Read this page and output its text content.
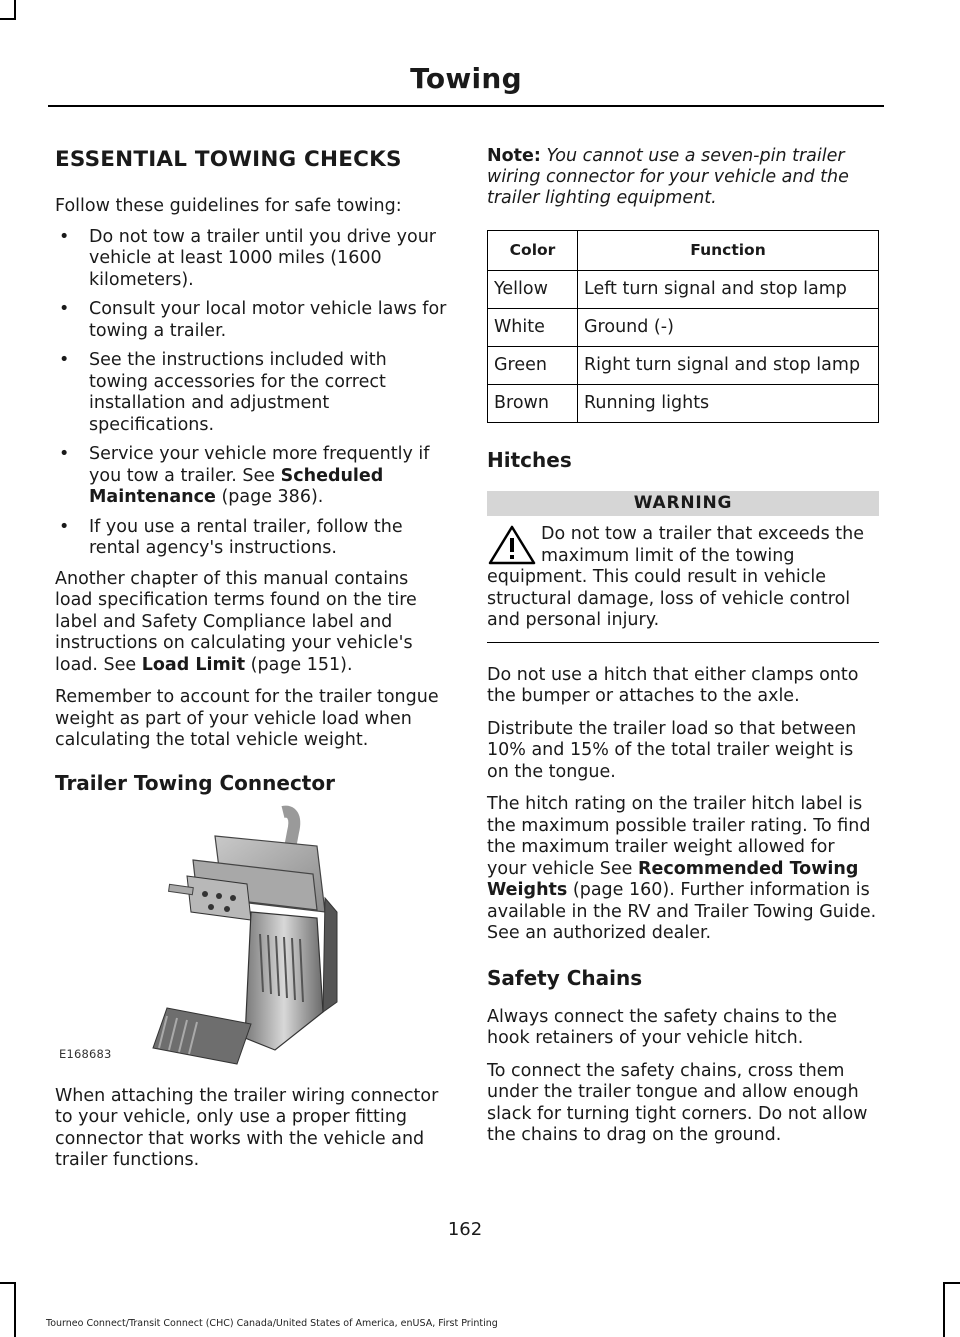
Towing
ESSENTIAL TOWING CHECKS

Follow these guidelines for safe towing:

• Do not tow a trailer until you drive your vehicle at least 1000 miles (1600 kilometers).
• Consult your local motor vehicle laws for towing a trailer.
• See the instructions included with towing accessories for the correct installation and adjustment specifications.
• Service your vehicle more frequently if you tow a trailer. See Scheduled Maintenance (page 386).
• If you use a rental trailer, follow the rental agency's instructions.

Another chapter of this manual contains load specification terms found on the tire label and Safety Compliance label and instructions on calculating your vehicle's load. See Load Limit (page 151).

Remember to account for the trailer tongue weight as part of your vehicle load when calculating the total vehicle weight.

Trailer Towing Connector
E168683

When attaching the trailer wiring connector to your vehicle, only use a proper fitting connector that works with the vehicle and trailer functions.

Note: You cannot use a seven-pin trailer wiring connector for your vehicle and the trailer lighting equipment.

Color	Function
Yellow	Left turn signal and stop lamp
White	Ground (-)
Green	Right turn signal and stop lamp
Brown	Running lights
Hitches
WARNING
Do not tow a trailer that exceeds the maximum limit of the towing equipment. This could result in vehicle structural damage, loss of vehicle control and personal injury.

Do not use a hitch that either clamps onto the bumper or attaches to the axle.

Distribute the trailer load so that between 10% and 15% of the total trailer weight is on the tongue.

The hitch rating on the trailer hitch label is the maximum possible trailer rating. To find the maximum trailer weight allowed for your vehicle See Recommended Towing Weights (page 160). Further information is available in the RV and Trailer Towing Guide. See an authorized dealer.

Safety Chains

Always connect the safety chains to the hook retainers of your vehicle hitch.

To connect the safety chains, cross them under the trailer tongue and allow enough slack for turning tight corners. Do not allow the chains to drag on the ground.

162
Tourneo Connect/Transit Connect (CHC) Canada/United States of America, enUSA, First Printing
